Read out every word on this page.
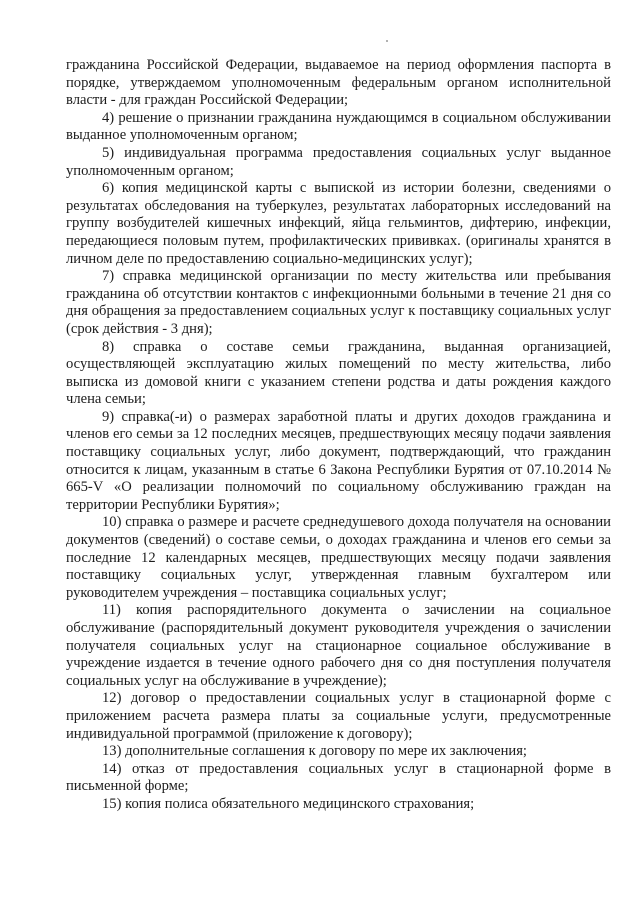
гражданина Российской Федерации, выдаваемое на период оформления паспорта в порядке, утверждаемом уполномоченным федеральным органом исполнительной власти - для граждан Российской Федерации;

4) решение о признании гражданина нуждающимся в социальном обслуживании выданное уполномоченным органом;

5) индивидуальная программа предоставления социальных услуг выданное уполномоченным органом;

6) копия медицинской карты с выпиской из истории болезни, сведениями о результатах обследования на туберкулез, результатах лабораторных исследований на группу возбудителей кишечных инфекций, яйца гельминтов, дифтерию, инфекции, передающиеся половым путем, профилактических прививках. (оригиналы хранятся в личном деле по предоставлению социально-медицинских услуг);

7) справка медицинской организации по месту жительства или пребывания гражданина об отсутствии контактов с инфекционными больными в течение 21 дня со дня обращения за предоставлением социальных услуг к поставщику социальных услуг (срок действия - 3 дня);

8) справка о составе семьи гражданина, выданная организацией, осуществляющей эксплуатацию жилых помещений по месту жительства, либо выписка из домовой книги с указанием степени родства и даты рождения каждого члена семьи;

9) справка(-и) о размерах заработной платы и других доходов гражданина и членов его семьи за 12 последних месяцев, предшествующих месяцу подачи заявления поставщику социальных услуг, либо документ, подтверждающий, что гражданин относится к лицам, указанным в статье 6 Закона Республики Бурятия от 07.10.2014 № 665-V «О реализации полномочий по социальному обслуживанию граждан на территории Республики Бурятия»;

10) справка о размере и расчете среднедушевого дохода получателя на основании документов (сведений) о составе семьи, о доходах гражданина и членов его семьи за последние 12 календарных месяцев, предшествующих месяцу подачи заявления поставщику социальных услуг, утвержденная главным бухгалтером или руководителем учреждения – поставщика социальных услуг;

11) копия распорядительного документа о зачислении на социальное обслуживание (распорядительный документ руководителя учреждения о зачислении получателя социальных услуг на стационарное социальное обслуживание в учреждение издается в течение одного рабочего дня со дня поступления получателя социальных услуг на обслуживание в учреждение);

12) договор о предоставлении социальных услуг в стационарной форме с приложением расчета размера платы за социальные услуги, предусмотренные индивидуальной программой (приложение к договору);

13) дополнительные соглашения к договору по мере их заключения;

14) отказ от предоставления социальных услуг в стационарной форме в письменной форме;

15) копия полиса обязательного медицинского страхования;
